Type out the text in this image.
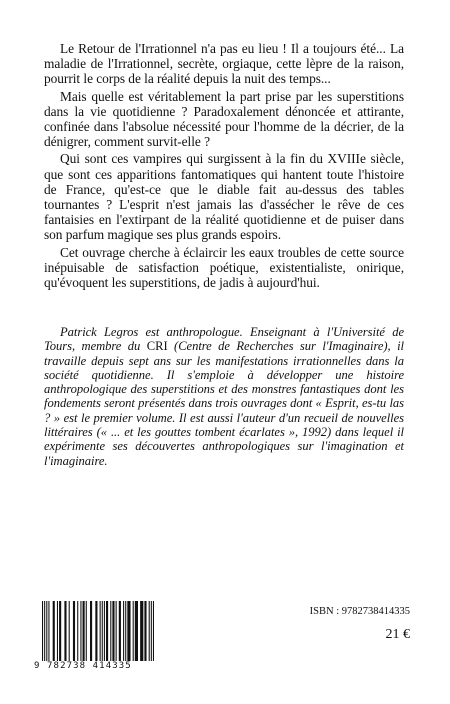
Le Retour de l'Irrationnel n'a pas eu lieu ! Il a toujours été... La maladie de l'Irrationnel, secrète, orgiaque, cette lèpre de la raison, pourrit le corps de la réalité depuis la nuit des temps...

Mais quelle est véritablement la part prise par les superstitions dans la vie quotidienne ? Paradoxalement dénoncée et attirante, confinée dans l'absolue nécessité pour l'homme de la décrier, de la dénigrer, comment survit-elle ?

Qui sont ces vampires qui surgissent à la fin du XVIIIe siècle, que sont ces apparitions fantomatiques qui hantent toute l'histoire de France, qu'est-ce que le diable fait au-dessus des tables tournantes ? L'esprit n'est jamais las d'assécher le rêve de ces fantaisies en l'extirpant de la réalité quotidienne et de puiser dans son parfum magique ses plus grands espoirs.

Cet ouvrage cherche à éclaircir les eaux troubles de cette source inépuisable de satisfaction poétique, existentialiste, onirique, qu'évoquent les superstitions, de jadis à aujourd'hui.

Patrick Legros est anthropologue. Enseignant à l'Université de Tours, membre du CRI (Centre de Recherches sur l'Imaginaire), il travaille depuis sept ans sur les manifestations irrationnelles dans la société quotidienne. Il s'emploie à développer une histoire anthropologique des superstitions et des monstres fantastiques dont les fondements seront présentés dans trois ouvrages dont « Esprit, es-tu las ? » est le premier volume. Il est aussi l'auteur d'un recueil de nouvelles littéraires (« ... et les gouttes tombent écarlates », 1992) dans lequel il expérimente ses découvertes anthropologiques sur l'imagination et l'imaginaire.

9 782738 414335
ISBN : 9782738414335
21 €
